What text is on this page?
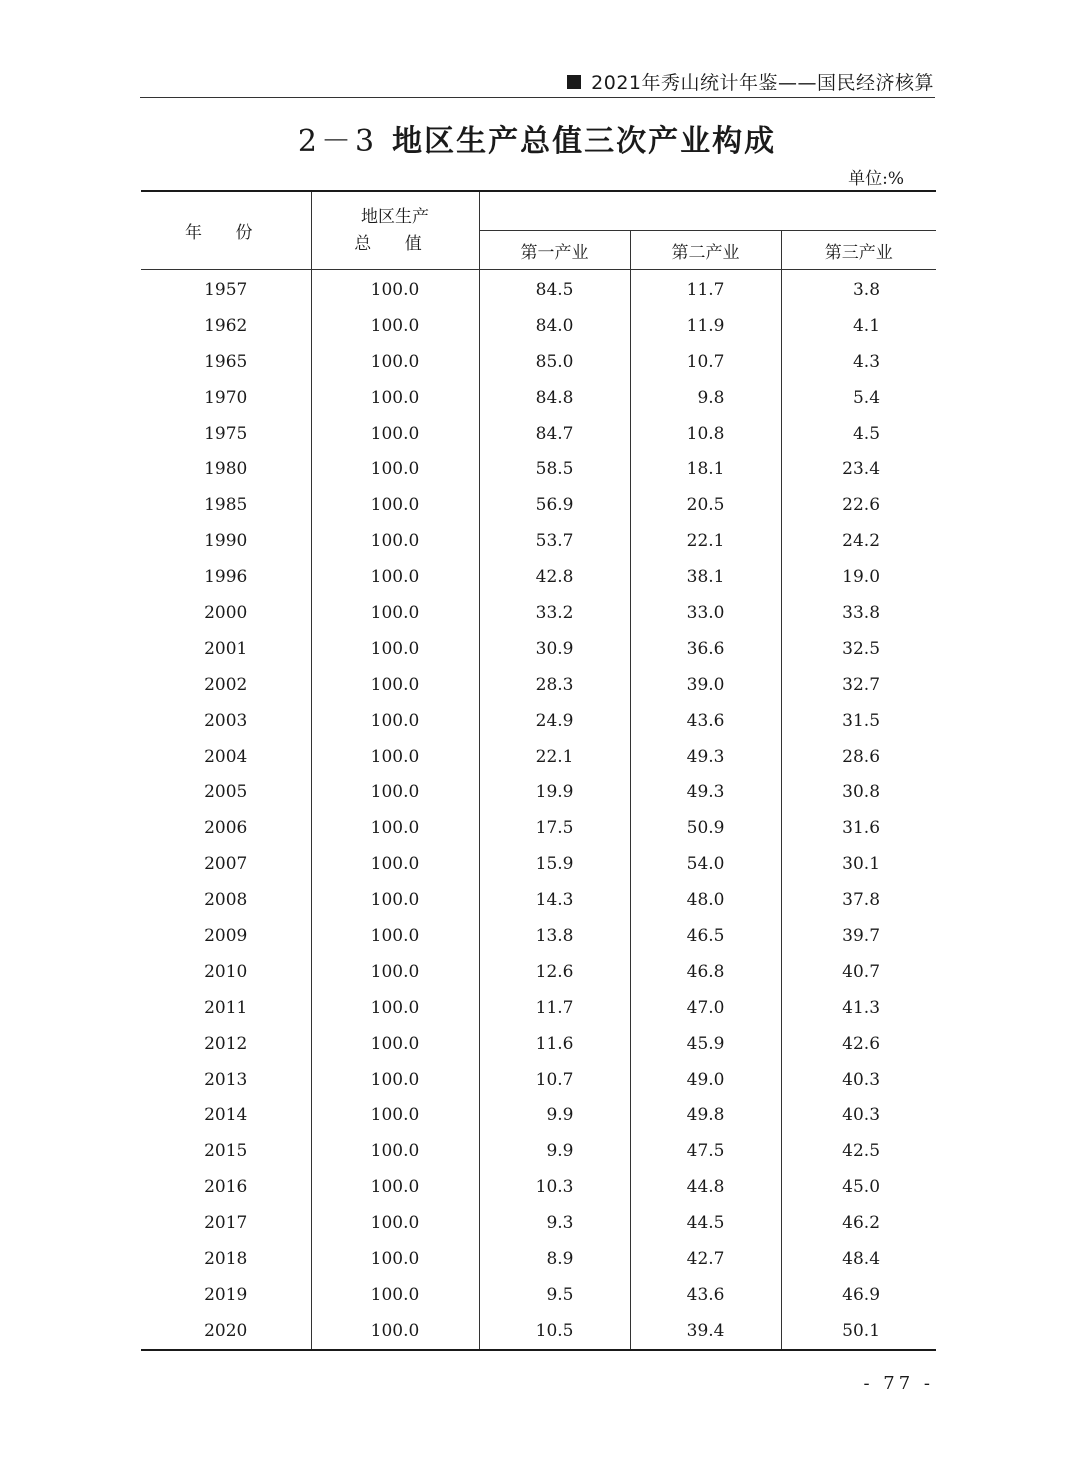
2021年秀山统计年鉴——国民经济核算
2－3 地区生产总值三次产业构成
单位:%
年 份	地区生产
总 值			

		第一产业	第二产业	第三产业
1957	100.0	84.5	11.7	3.8
1962	100.0	84.0	11.9	4.1
1965	100.0	85.0	10.7	4.3
1970	100.0	84.8	9.8	5.4
1975	100.0	84.7	10.8	4.5
1980	100.0	58.5	18.1	23.4
1985	100.0	56.9	20.5	22.6
1990	100.0	53.7	22.1	24.2
1996	100.0	42.8	38.1	19.0
2000	100.0	33.2	33.0	33.8
2001	100.0	30.9	36.6	32.5
2002	100.0	28.3	39.0	32.7
2003	100.0	24.9	43.6	31.5
2004	100.0	22.1	49.3	28.6
2005	100.0	19.9	49.3	30.8
2006	100.0	17.5	50.9	31.6
2007	100.0	15.9	54.0	30.1
2008	100.0	14.3	48.0	37.8
2009	100.0	13.8	46.5	39.7
2010	100.0	12.6	46.8	40.7
2011	100.0	11.7	47.0	41.3
2012	100.0	11.6	45.9	42.6
2013	100.0	10.7	49.0	40.3
2014	100.0	9.9	49.8	40.3
2015	100.0	9.9	47.5	42.5
2016	100.0	10.3	44.8	45.0
2017	100.0	9.3	44.5	46.2
2018	100.0	8.9	42.7	48.4
2019	100.0	9.5	43.6	46.9
2020	100.0	10.5	39.4	50.1
- 77 -
